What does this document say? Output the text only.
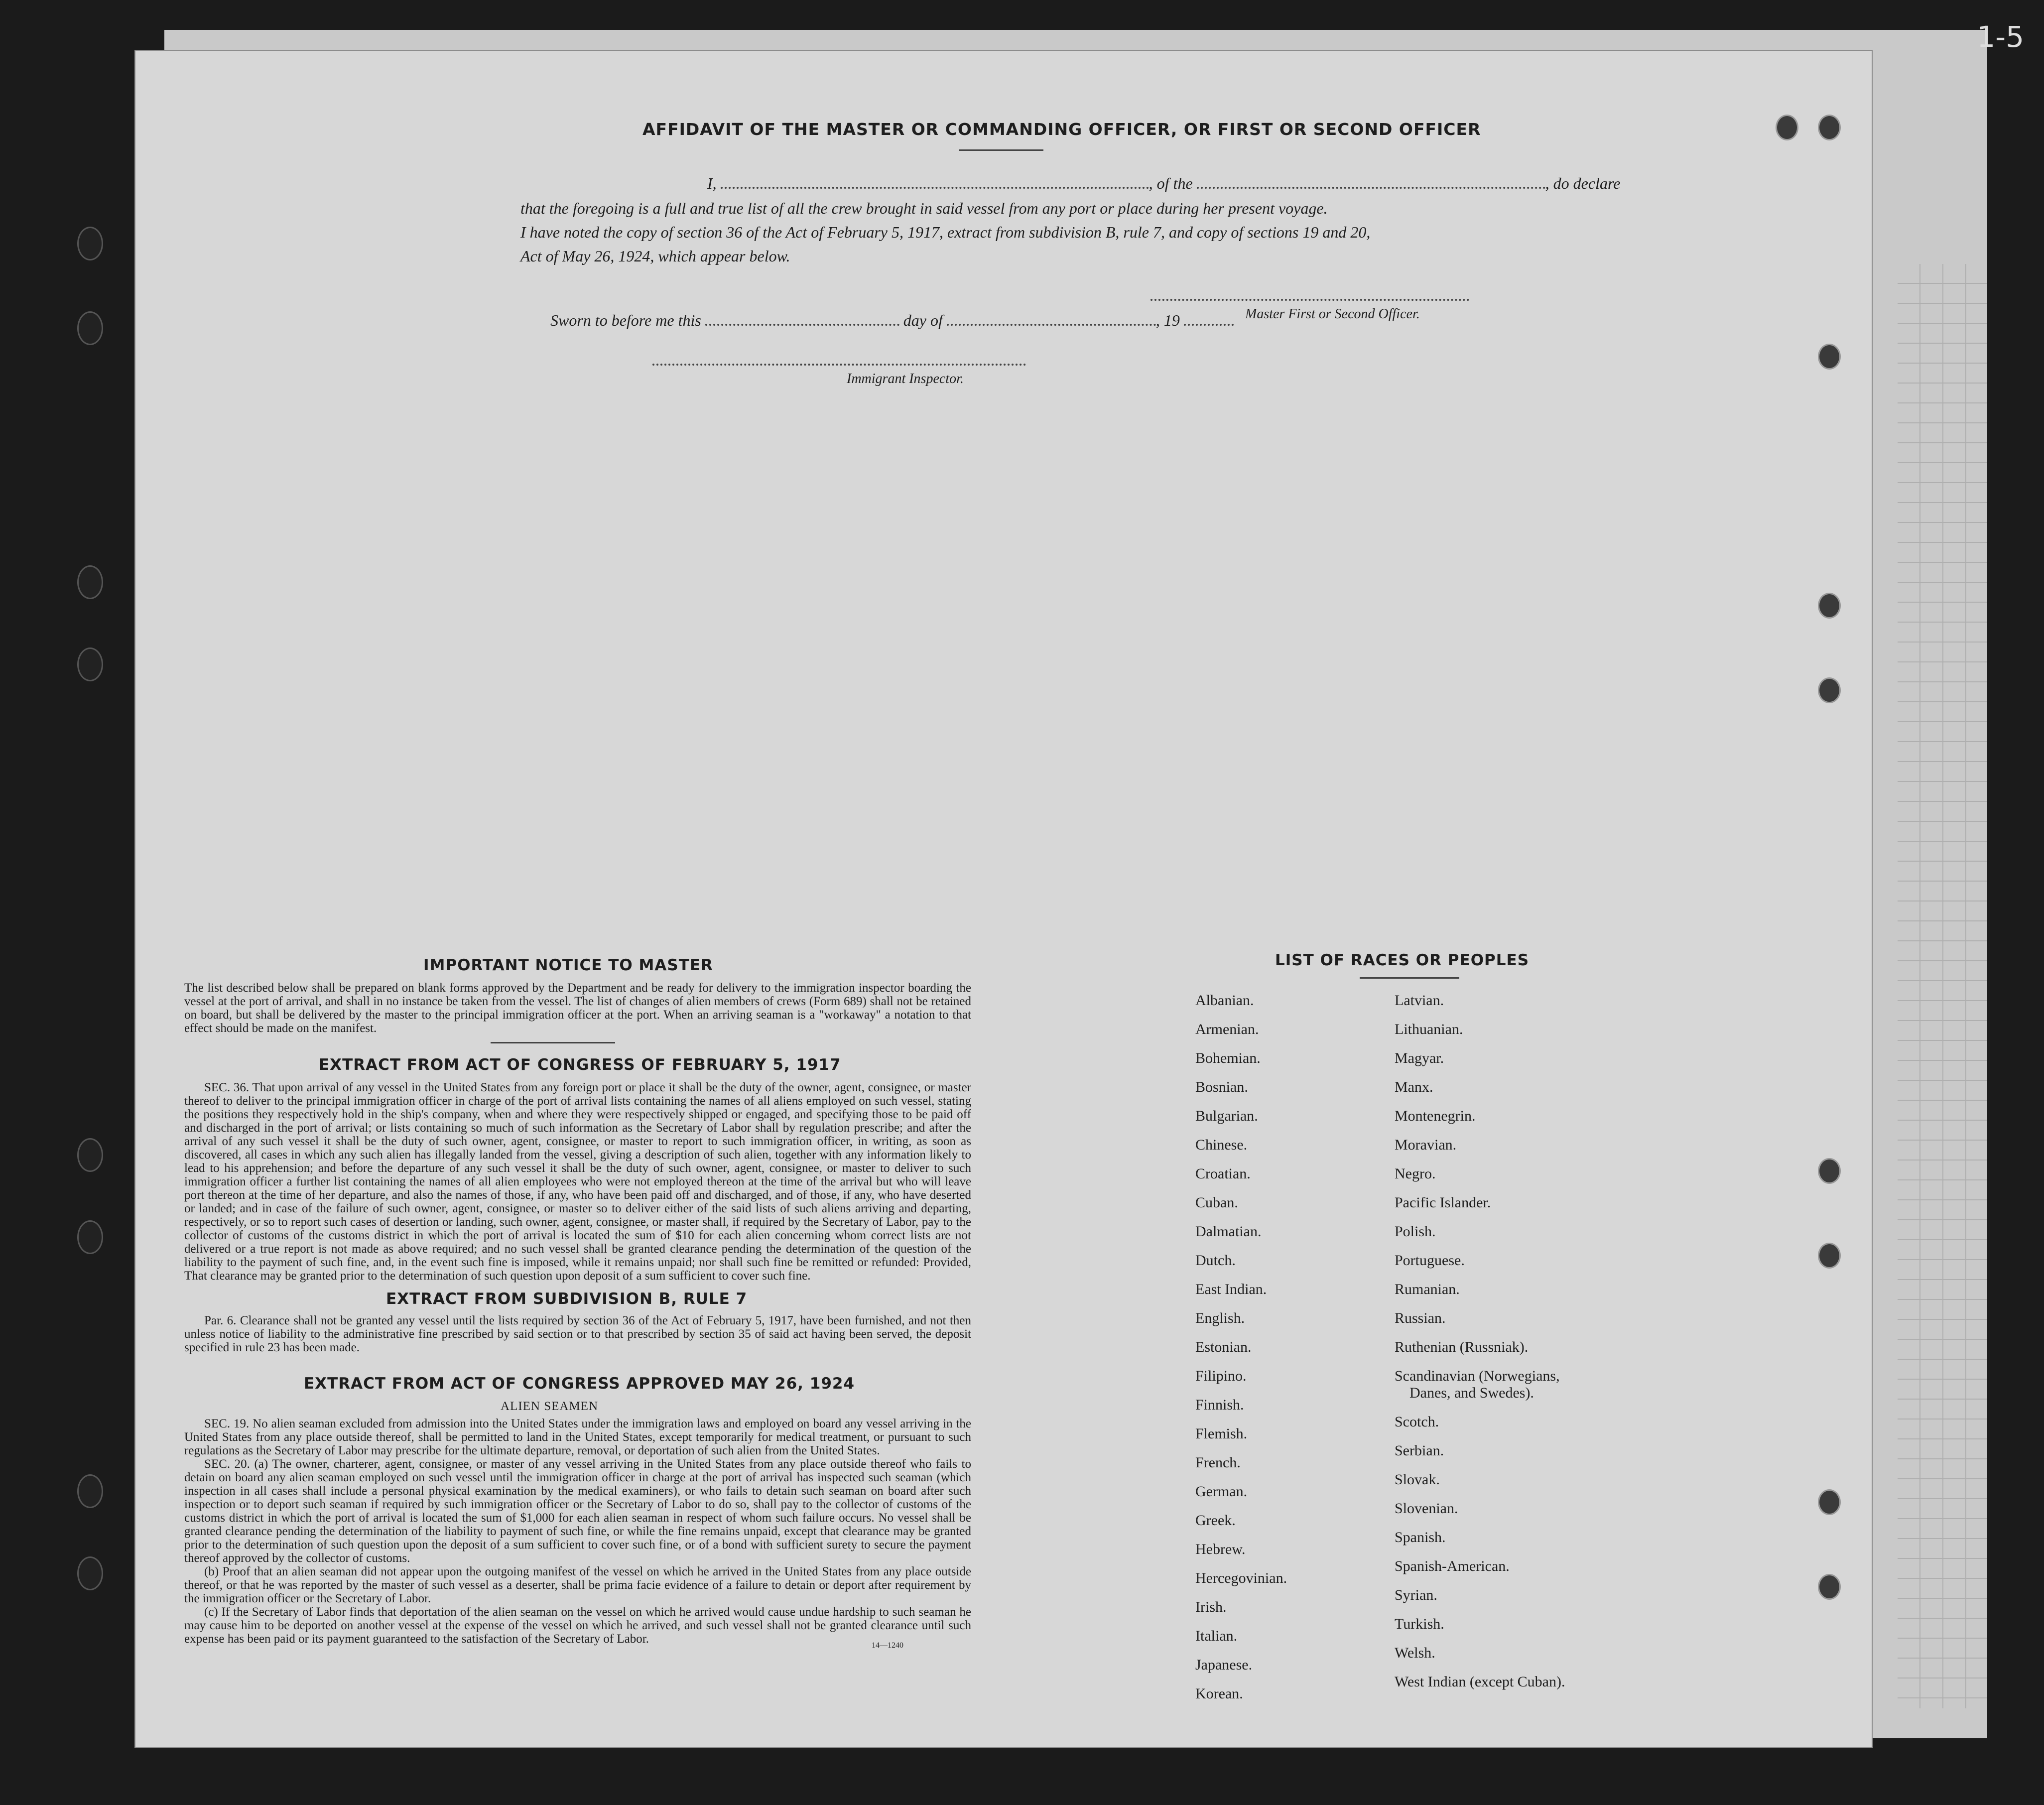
1-5
AFFIDAVIT OF THE MASTER OR COMMANDING OFFICER, OR FIRST OR SECOND OFFICER
I,	, of the	, do declare
that the foregoing is a full and true list of all the crew brought in said vessel from any port or place during her present voyage.
I have noted the copy of section 36 of the Act of February 5, 1917, extract from subdivision B, rule 7, and copy of sections 19 and 20,
Act of May 26, 1924, which appear below.
Master First or Second Officer.
Sworn to before me this	day of	, 19
Immigrant Inspector.
IMPORTANT NOTICE TO MASTER
The list described below shall be prepared on blank forms approved by the Department and be ready for delivery to the immigration inspector boarding the vessel at the port of arrival, and shall in no instance be taken from the vessel. The list of changes of alien members of crews (Form 689) shall not be retained on board, but shall be delivered by the master to the principal immigration officer at the port. When an arriving seaman is a "workaway" a notation to that effect should be made on the manifest.
EXTRACT FROM ACT OF CONGRESS OF FEBRUARY 5, 1917
SEC. 36. That upon arrival of any vessel in the United States from any foreign port or place it shall be the duty of the owner, agent, consignee, or master thereof to deliver to the principal immigration officer in charge of the port of arrival lists containing the names of all aliens employed on such vessel, stating the positions they respectively hold in the ship's company, when and where they were respectively shipped or engaged, and specifying those to be paid off and discharged in the port of arrival; or lists containing so much of such information as the Secretary of Labor shall by regulation prescribe; and after the arrival of any such vessel it shall be the duty of such owner, agent, consignee, or master to report to such immigration officer, in writing, as soon as discovered, all cases in which any such alien has illegally landed from the vessel, giving a description of such alien, together with any information likely to lead to his apprehension; and before the departure of any such vessel it shall be the duty of such owner, agent, consignee, or master to deliver to such immigration officer a further list containing the names of all alien employees who were not employed thereon at the time of the arrival but who will leave port thereon at the time of her departure, and also the names of those, if any, who have been paid off and discharged, and of those, if any, who have deserted or landed; and in case of the failure of such owner, agent, consignee, or master so to deliver either of the said lists of such aliens arriving and departing, respectively, or so to report such cases of desertion or landing, such owner, agent, consignee, or master shall, if required by the Secretary of Labor, pay to the collector of customs of the customs district in which the port of arrival is located the sum of $10 for each alien concerning whom correct lists are not delivered or a true report is not made as above required; and no such vessel shall be granted clearance pending the determination of the question of the liability to the payment of such fine, and, in the event such fine is imposed, while it remains unpaid; nor shall such fine be remitted or refunded: Provided, That clearance may be granted prior to the determination of such question upon deposit of a sum sufficient to cover such fine.
EXTRACT FROM SUBDIVISION B, RULE 7
Par. 6. Clearance shall not be granted any vessel until the lists required by section 36 of the Act of February 5, 1917, have been furnished, and not then unless notice of liability to the administrative fine prescribed by said section or to that prescribed by section 35 of said act having been served, the deposit specified in rule 23 has been made.
EXTRACT FROM ACT OF CONGRESS APPROVED MAY 26, 1924
ALIEN SEAMEN

SEC. 19. No alien seaman excluded from admission into the United States under the immigration laws and employed on board any vessel arriving in the United States from any place outside thereof, shall be permitted to land in the United States, except temporarily for medical treatment, or pursuant to such regulations as the Secretary of Labor may prescribe for the ultimate departure, removal, or deportation of such alien from the United States.

SEC. 20. (a) The owner, charterer, agent, consignee, or master of any vessel arriving in the United States from any place outside thereof who fails to detain on board any alien seaman employed on such vessel until the immigration officer in charge at the port of arrival has inspected such seaman (which inspection in all cases shall include a personal physical examination by the medical examiners), or who fails to detain such seaman on board after such inspection or to deport such seaman if required by such immigration officer or the Secretary of Labor to do so, shall pay to the collector of customs of the customs district in which the port of arrival is located the sum of $1,000 for each alien seaman in respect of whom such failure occurs. No vessel shall be granted clearance pending the determination of the liability to payment of such fine, or while the fine remains unpaid, except that clearance may be granted prior to the determination of such question upon the deposit of a sum sufficient to cover such fine, or of a bond with sufficient surety to secure the payment thereof approved by the collector of customs.

(b) Proof that an alien seaman did not appear upon the outgoing manifest of the vessel on which he arrived in the United States from any place outside thereof, or that he was reported by the master of such vessel as a deserter, shall be prima facie evidence of a failure to detain or deport after requirement by the immigration officer or the Secretary of Labor.

(c) If the Secretary of Labor finds that deportation of the alien seaman on the vessel on which he arrived would cause undue hardship to such seaman he may cause him to be deported on another vessel at the expense of the vessel on which he arrived, and such vessel shall not be granted clearance until such expense has been paid or its payment guaranteed to the satisfaction of the Secretary of Labor.	14—1240
LIST OF RACES OR PEOPLES
Albanian.
Armenian.
Bohemian.
Bosnian.
Bulgarian.
Chinese.
Croatian.
Cuban.
Dalmatian.
Dutch.
East Indian.
English.
Estonian.
Filipino.
Finnish.
Flemish.
French.
German.
Greek.
Hebrew.
Hercegovinian.
Irish.
Italian.
Japanese.
Korean.
Latvian.
Lithuanian.
Magyar.
Manx.
Montenegrin.
Moravian.
Negro.
Pacific Islander.
Polish.
Portuguese.
Rumanian.
Russian.
Ruthenian (Russniak).
Scandinavian (Norwegians,
Danes, and Swedes).
Scotch.
Serbian.
Slovak.
Slovenian.
Spanish.
Spanish-American.
Syrian.
Turkish.
Welsh.
West Indian (except Cuban).
